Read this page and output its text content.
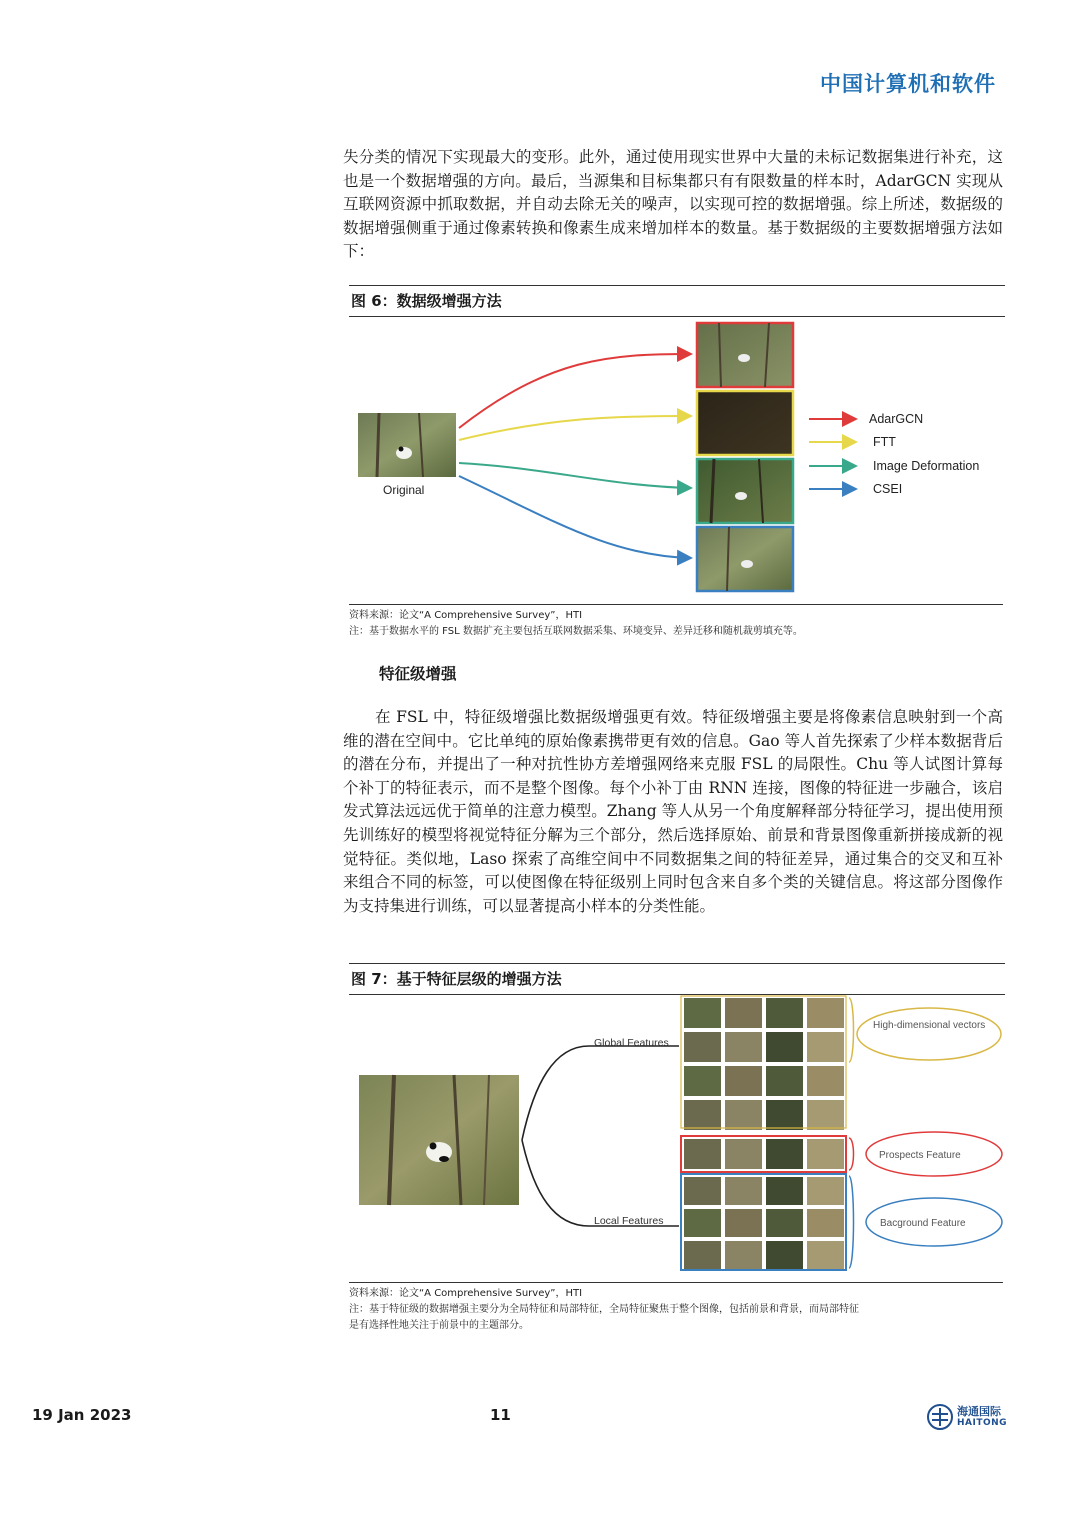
中国计算机和软件
失分类的情况下实现最大的变形。此外，通过使用现实世界中大量的未标记数据集进行补充，这也是一个数据增强的方向。最后，当源集和目标集都只有有限数量的样本时，AdarGCN 实现从互联网资源中抓取数据，并自动去除无关的噪声，以实现可控的数据增强。综上所述，数据级的数据增强侧重于通过像素转换和像素生成来增加样本的数量。基于数据级的主要数据增强方法如下：
图 6：数据级增强方法
Original
AdarGCN
FTT
Image Deformation
CSEI
资料来源：论文“A Comprehensive Survey”，HTI
注：基于数据水平的 FSL 数据扩充主要包括互联网数据采集、环境变异、差异迁移和随机裁剪填充等。
特征级增强
在 FSL 中，特征级增强比数据级增强更有效。特征级增强主要是将像素信息映射到一个高维的潜在空间中。它比单纯的原始像素携带更有效的信息。Gao 等人首先探索了少样本数据背后的潜在分布，并提出了一种对抗性协方差增强网络来克服 FSL 的局限性。Chu 等人试图计算每个补丁的特征表示，而不是整个图像。每个小补丁由 RNN 连接，图像的特征进一步融合，该启发式算法远远优于简单的注意力模型。Zhang 等人从另一个角度解释部分特征学习，提出使用预先训练好的模型将视觉特征分解为三个部分，然后选择原始、前景和背景图像重新拼接成新的视觉特征。类似地，Laso 探索了高维空间中不同数据集之间的特征差异，通过集合的交叉和互补来组合不同的标签，可以使图像在特征级别上同时包含来自多个类的关键信息。将这部分图像作为支持集进行训练，可以显著提高小样本的分类性能。
图 7：基于特征层级的增强方法
Global Features
Local Features
High-dimensional vectors
Prospects Feature
Bacground Feature
资料来源：论文“A Comprehensive Survey”，HTI
注：基于特征级的数据增强主要分为全局特征和局部特征，全局特征聚焦于整个图像，包括前景和背景，而局部特征
是有选择性地关注于前景中的主题部分。
19 Jan 2023	11	海通国际
HAITONG
